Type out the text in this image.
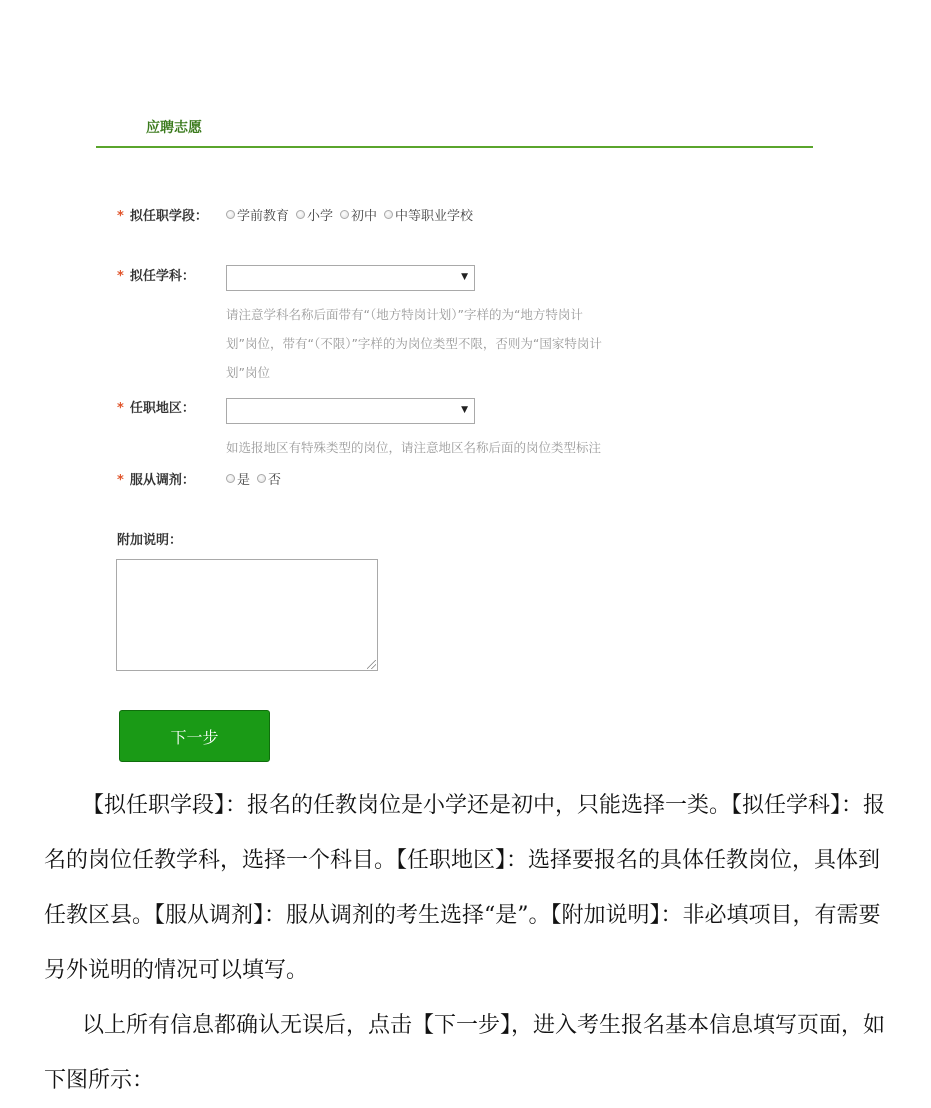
应聘志愿
* 拟任职学段： 学前教育 小学 初中 中等职业学校
* 拟任学科：	▼
请注意学科名称后面带有“（地方特岗计划）”字样的为“地方特岗计
划”岗位，带有“（不限）”字样的为岗位类型不限，否则为“国家特岗计
划”岗位
* 任职地区：	▼
如选报地区有特殊类型的岗位，请注意地区名称后面的岗位类型标注
* 服从调剂：	是 否
附加说明：
下一步

【拟任职学段】：报名的任教岗位是小学还是初中，只能选择一类。【拟任学科】：报名的岗位任教学科，选择一个科目。【任职地区】：选择要报名的具体任教岗位，具体到任教区县。【服从调剂】：服从调剂的考生选择“是”。【附加说明】：非必填项目，有需要另外说明的情况可以填写。

以上所有信息都确认无误后，点击【下一步】，进入考生报名基本信息填写页面，如下图所示：
